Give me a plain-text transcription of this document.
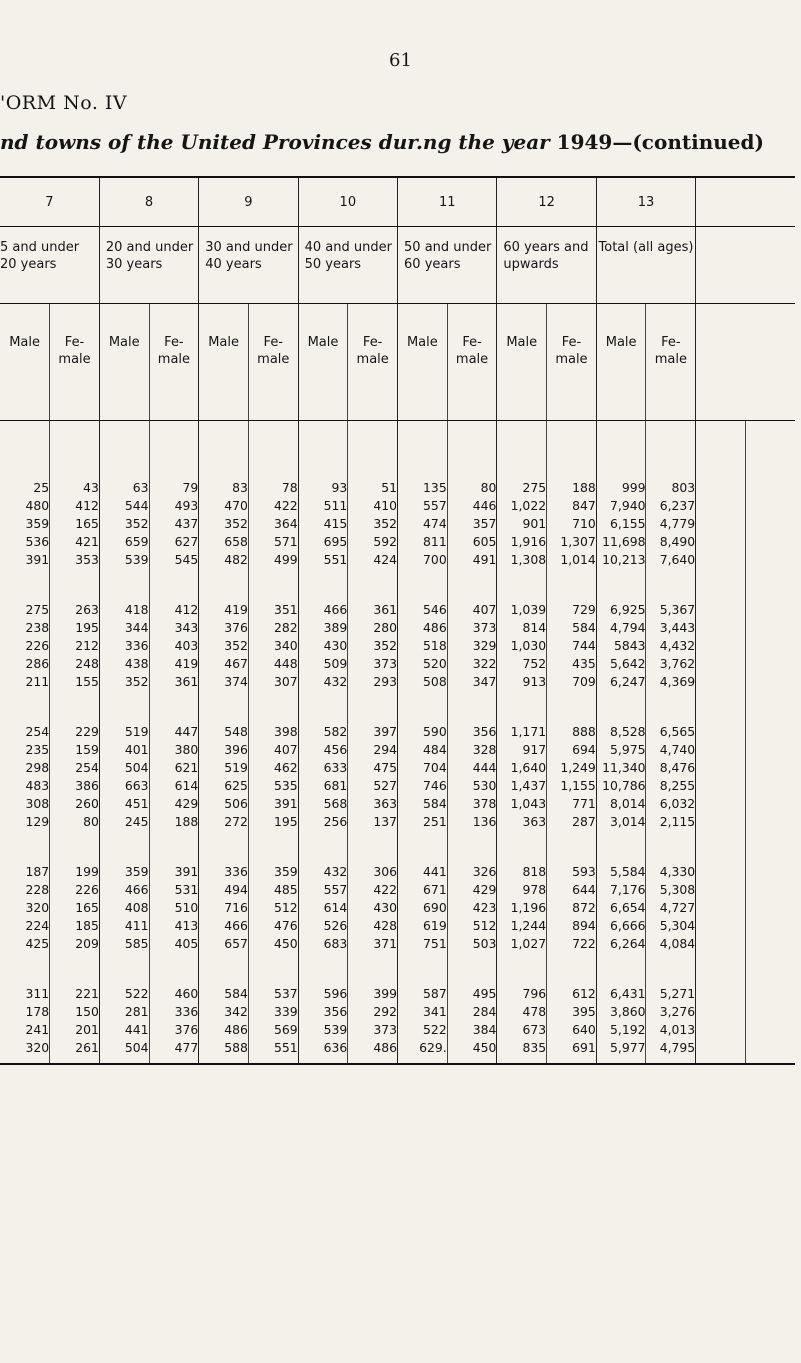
61
'ORM No. IV
nd towns of the United Provinces dur.ng the year 1949—(continued)
7		8		9		10		11		12		13			
5 and under 20 years		20 and under 30 years		30 and under 40 years		40 and under 50 years		50 and under 60 years		60 years and upwards		Total (all ages)			
Male	Fe- male	Male	Fe- male	Male	Fe- male	Male	Fe- male	Male	Fe- male	Male	Fe- male	Male	Fe- male		

25	43	63	79	83	78	93	51	135	80	275	188	999	803		
480	412	544	493	470	422	511	410	557	446	1,022	847	7,940	6,237		
359	165	352	437	352	364	415	352	474	357	901	710	6,155	4,779		
536	421	659	627	658	571	695	592	811	605	1,916	1,307	11,698	8,490		
391	353	539	545	482	499	551	424	700	491	1,308	1,014	10,213	7,640		

275	263	418	412	419	351	466	361	546	407	1,039	729	6,925	5,367		
238	195	344	343	376	282	389	280	486	373	814	584	4,794	3,443		
226	212	336	403	352	340	430	352	518	329	1,030	744	5843	4,432		
286	248	438	419	467	448	509	373	520	322	752	435	5,642	3,762		
211	155	352	361	374	307	432	293	508	347	913	709	6,247	4,369		

254	229	519	447	548	398	582	397	590	356	1,171	888	8,528	6,565		
235	159	401	380	396	407	456	294	484	328	917	694	5,975	4,740		
298	254	504	621	519	462	633	475	704	444	1,640	1,249	11,340	8,476		
483	386	663	614	625	535	681	527	746	530	1,437	1,155	10,786	8,255		
308	260	451	429	506	391	568	363	584	378	1,043	771	8,014	6,032		
129	80	245	188	272	195	256	137	251	136	363	287	3,014	2,115		

187	199	359	391	336	359	432	306	441	326	818	593	5,584	4,330		
228	226	466	531	494	485	557	422	671	429	978	644	7,176	5,308		
320	165	408	510	716	512	614	430	690	423	1,196	872	6,654	4,727		
224	185	411	413	466	476	526	428	619	512	1,244	894	6,666	5,304		
425	209	585	405	657	450	683	371	751	503	1,027	722	6,264	4,084		

311	221	522	460	584	537	596	399	587	495	796	612	6,431	5,271		
178	150	281	336	342	339	356	292	341	284	478	395	3,860	3,276		
241	201	441	376	486	569	539	373	522	384	673	640	5,192	4,013		
320	261	504	477	588	551	636	486	629.	450	835	691	5,977	4,795		
